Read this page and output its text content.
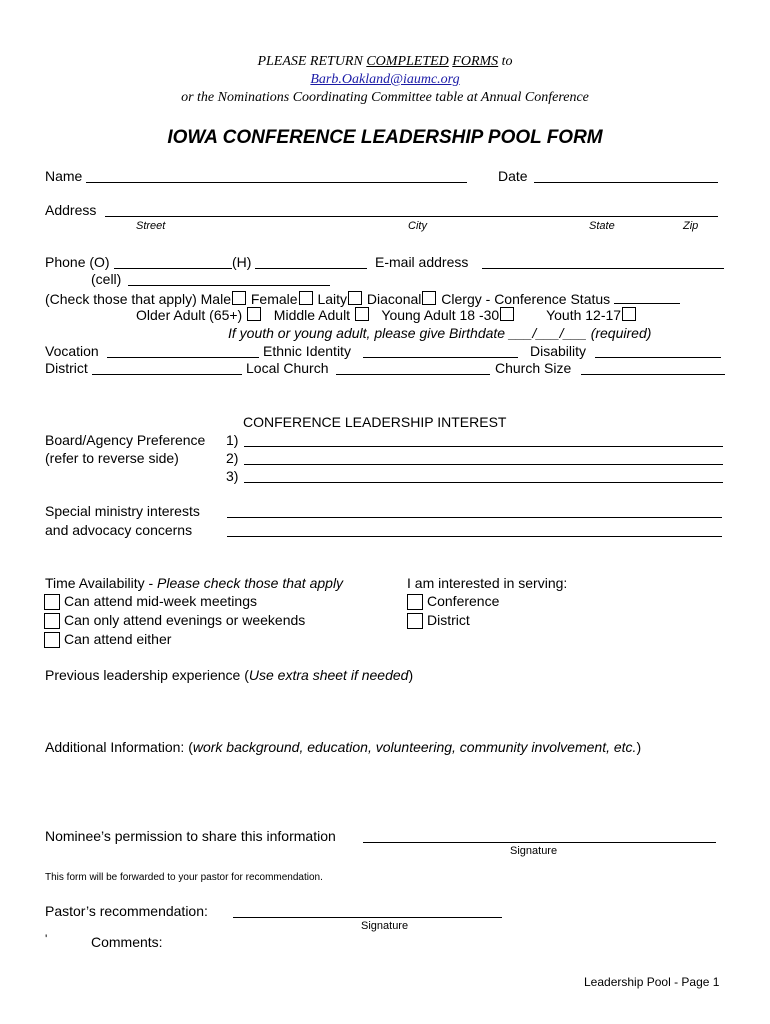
PLEASE RETURN COMPLETED FORMS to
Barb.Oakland@iaumc.org
or the Nominations Coordinating Committee table at Annual Conference
IOWA CONFERENCE LEADERSHIP POOL FORM
Name	Date
Address
Street	City	State	Zip
Phone (O)	(H)	E-mail address
(cell)
(Check those that apply) Male Female Laity Diaconal Clergy - Conference Status
Older Adult (65+) Middle Adult Young Adult 18 -30	Youth 12-17
If youth or young adult, please give Birthdate ___/___/___ (required)
Vocation	Ethnic Identity	Disability
District	Local Church	Church Size
CONFERENCE LEADERSHIP INTEREST
Board/Agency Preference
(refer to reverse side)
1)
2)
3)
Special ministry interests
and advocacy concerns
Time Availability - Please check those that apply
Can attend mid-week meetings
Can only attend evenings or weekends
Can attend either
I am interested in serving:
Conference
District
Previous leadership experience (Use extra sheet if needed)
Additional Information: (work background, education, volunteering, community involvement, etc.)
Nominee’s permission to share this information
Signature
This form will be forwarded to your pastor for recommendation.
Pastor’s recommendation:
Signature
'	Comments:
Leadership Pool - Page 1
